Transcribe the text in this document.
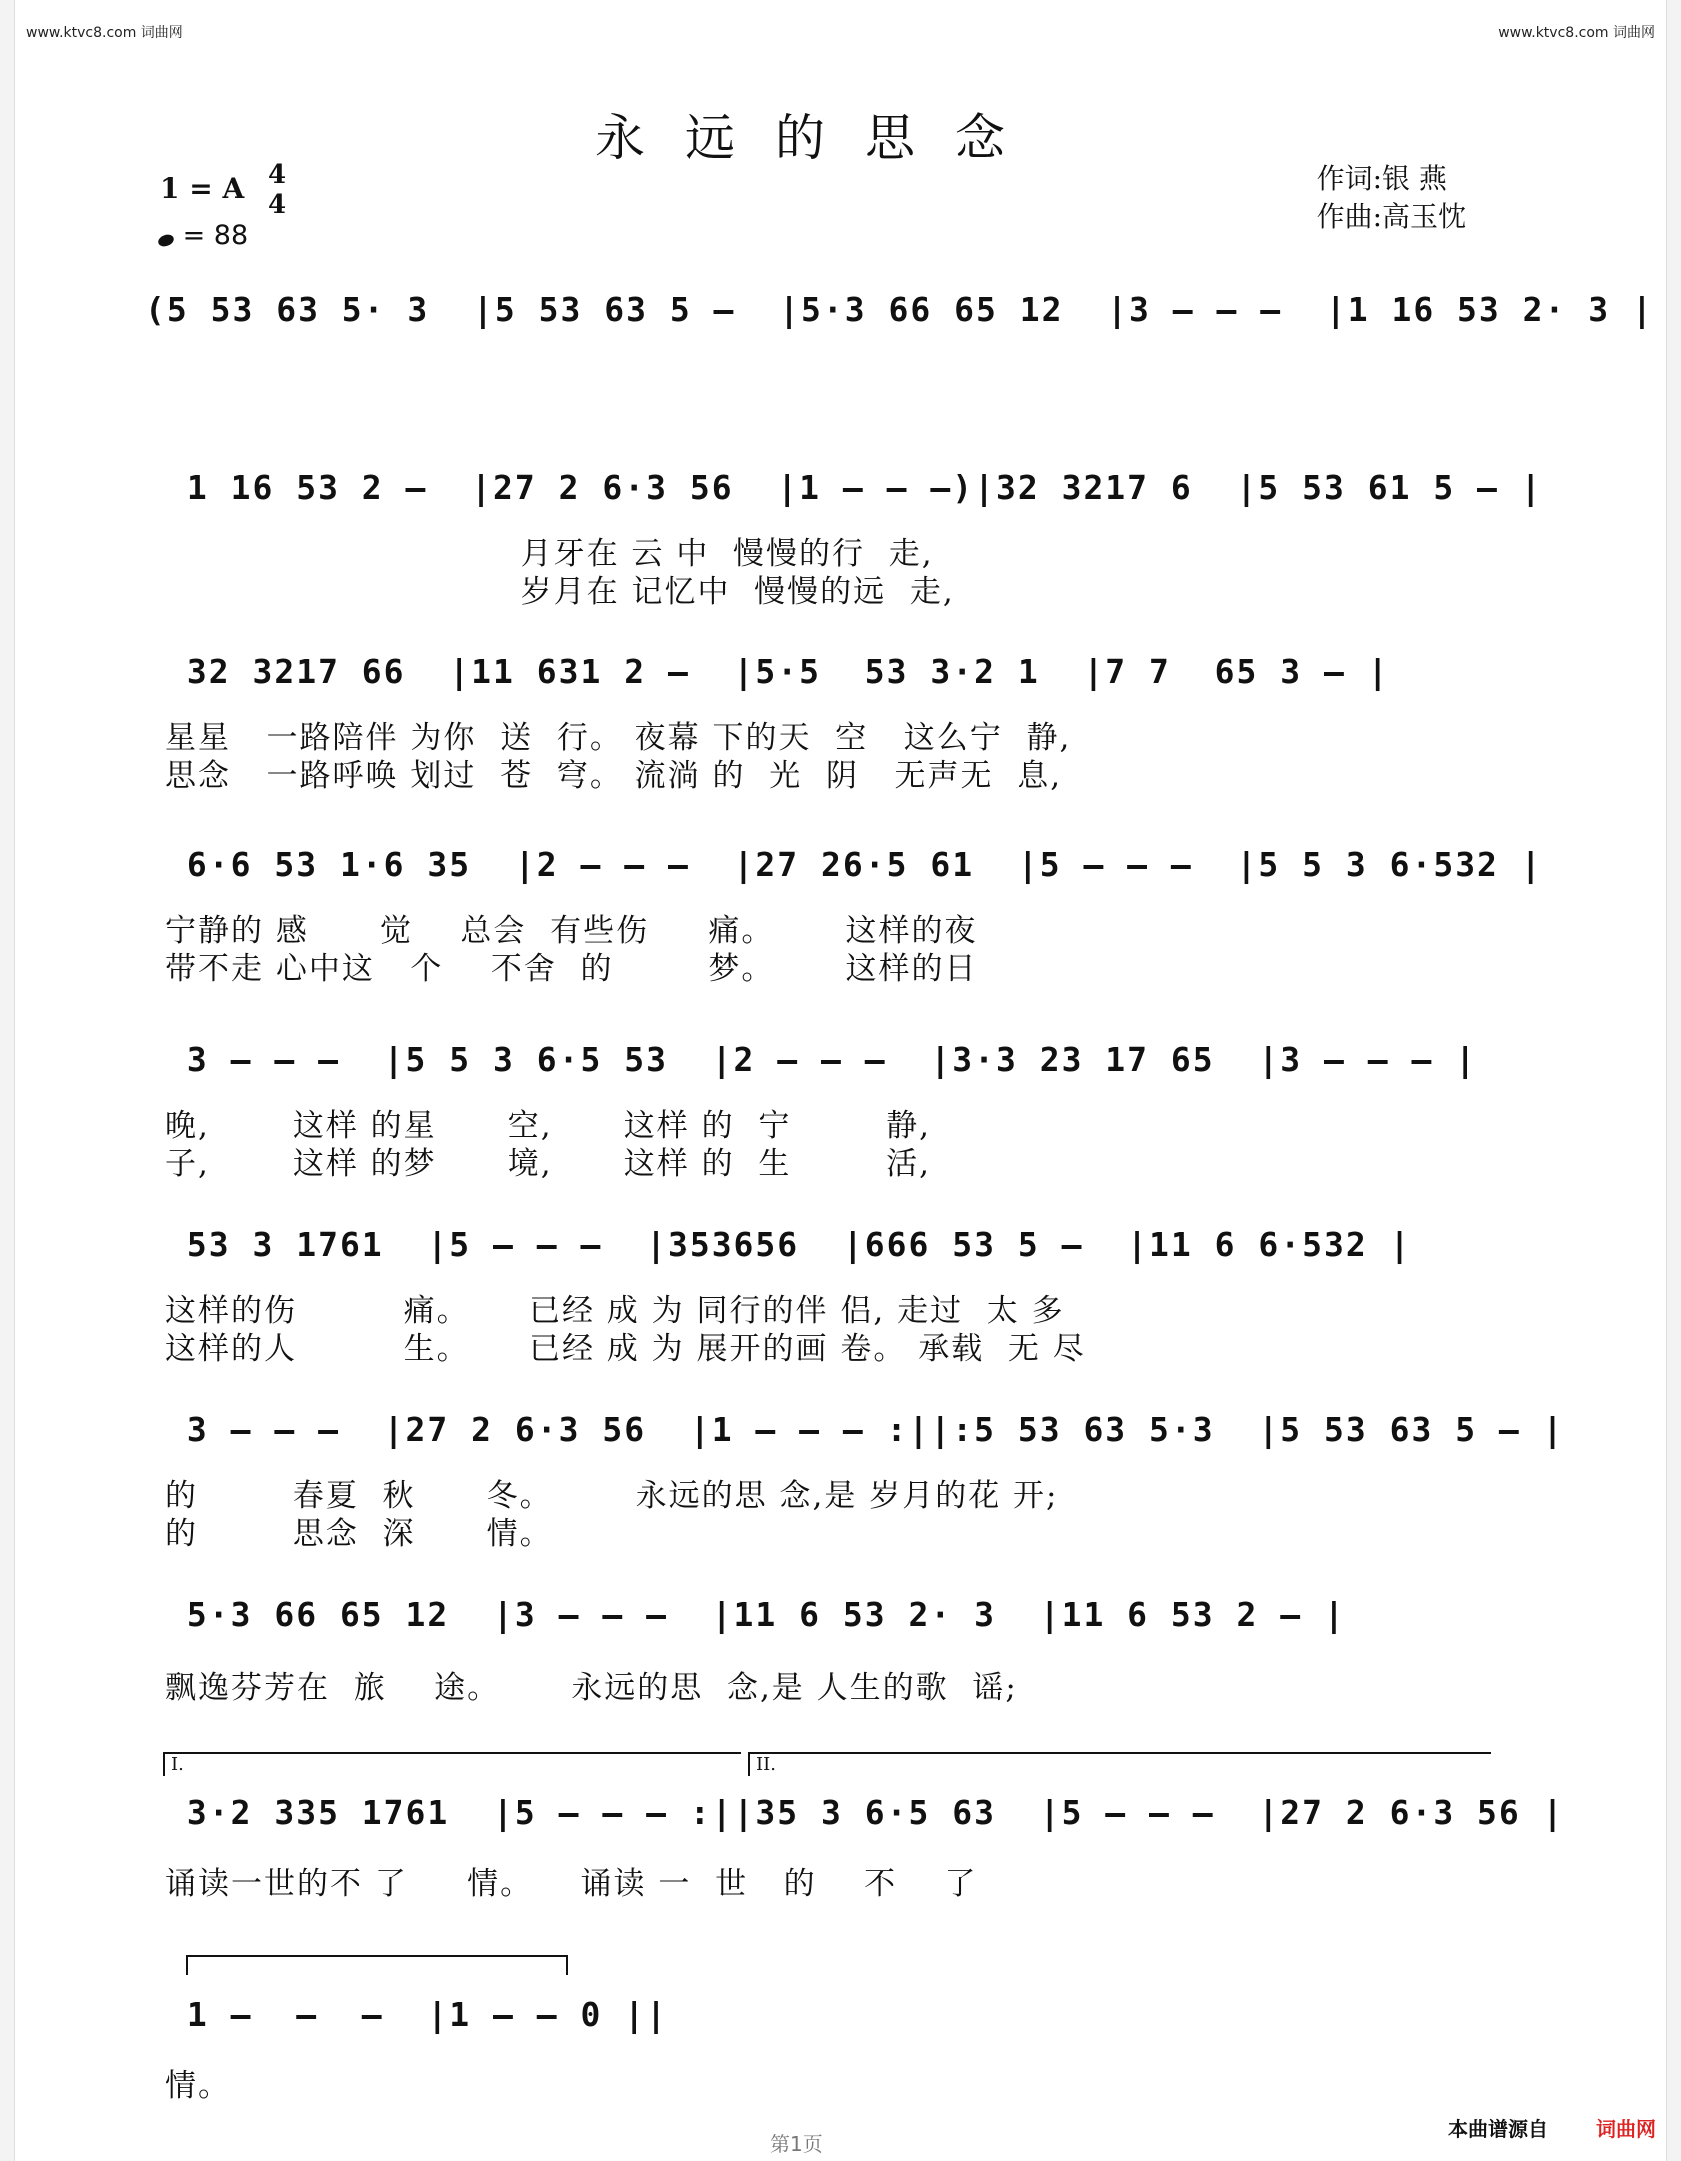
www.ktvc8.com 词曲网	www.ktvc8.com 词曲网
永远的思念
1 = A 4
4
= 88
作词:银 燕
作曲:高玉忱
(5 53 63 5· 3  |5 53 63 5 –  |5·3 66 65 12  |3 – – –  |1 16 53 2· 3 |
1 16 53 2 –  |27 2 6·3 56  |1 – – –)|32 3217 6  |5 53 61 5 – |
月牙在 云 中  慢慢的行  走,
岁月在 记忆中  慢慢的远  走,
32 3217 66  |11 631 2 –  |5·5  53 3·2 1  |7 7  65 3 – |
星星   一路陪伴 为你  送  行。 夜幕 下的天  空   这么宁  静,
思念   一路呼唤 划过  苍  穹。 流淌 的  光  阴   无声无  息,
6·6 53 1·6 35  |2 – – –  |27 26·5 61  |5 – – –  |5 5 3 6·532 |
宁静的 感      觉    总会  有些伤     痛。      这样的夜
带不走 心中这   个    不舍  的        梦。      这样的日
3 – – –  |5 5 3 6·5 53  |2 – – –  |3·3 23 17 65  |3 – – – |
晚,       这样 的星      空,      这样 的  宁        静,
子,       这样 的梦      境,      这样 的  生        活,
53 3 1761  |5 – – –  |353656  |666 53 5 –  |11 6 6·532 |
这样的伤         痛。     已经 成 为 同行的伴 侣, 走过  太 多
这样的人         生。     已经 成 为 展开的画 卷。 承载  无 尽
3 – – –  |27 2 6·3 56  |1 – – – :||:5 53 63 5·3  |5 53 63 5 – |
的        春夏  秋      冬。       永远的思 念,是 岁月的花 开;
的        思念  深      情。
5·3 66 65 12  |3 – – –  |11 6 53 2· 3  |11 6 53 2 – |
飘逸芬芳在  旅    途。      永远的思  念,是 人生的歌  谣;
I.	II.
3·2 335 1761  |5 – – – :||35 3 6·5 63  |5 – – –  |27 2 6·3 56 |
诵读一世的不 了     情。    诵读 一  世   的    不    了
1 –  –  –  |1 – – 0 ||
情。
第1页
本曲谱源自 词曲网
